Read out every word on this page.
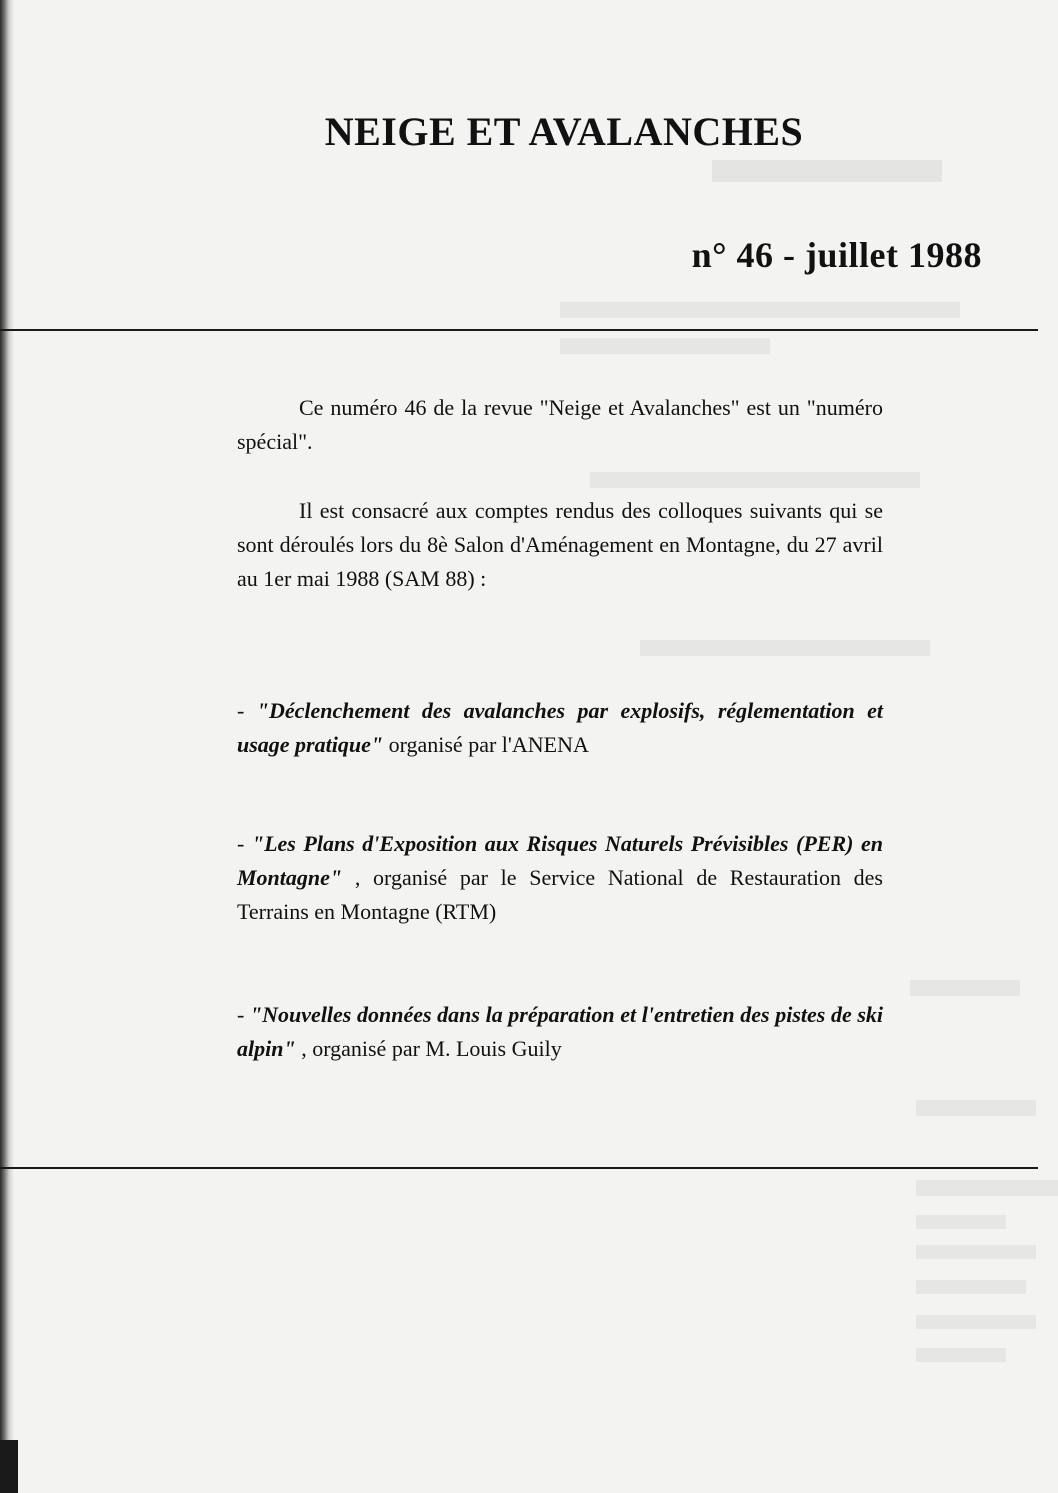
NEIGE ET AVALANCHES
n° 46 - juillet 1988
Ce numéro 46 de la revue "Neige et Avalanches" est un "numéro spécial".
Il est consacré aux comptes rendus des colloques suivants qui se sont déroulés lors du 8è Salon d'Aménagement en Montagne, du 27 avril au 1er mai 1988 (SAM 88) :
- "Déclenchement des avalanches par explosifs, réglementation et usage pratique" organisé par l'ANENA
- "Les Plans d'Exposition aux Risques Naturels Prévisibles (PER) en Montagne" , organisé par le Service National de Restauration des Terrains en Montagne (RTM)
- "Nouvelles données dans la préparation et l'entretien des pistes de ski alpin" , organisé par M. Louis Guily
